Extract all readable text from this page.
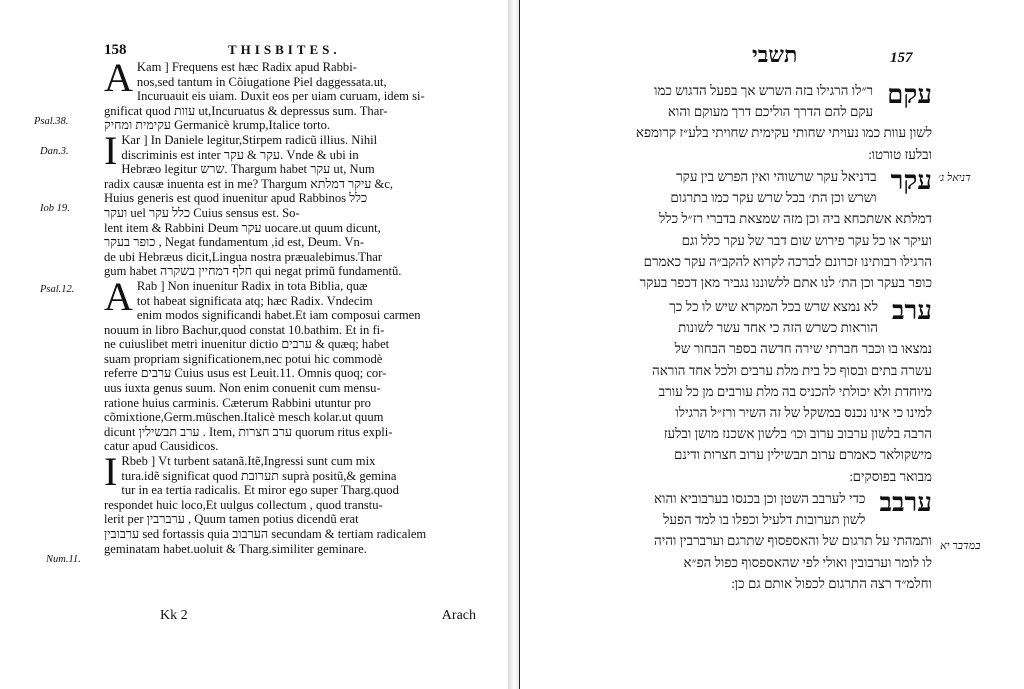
158	THISBITES.
Psal.38.
Dan.3.
Iob 19.
Psal.12.
Num.11.
A Kam ] Frequens est hæc Radix apud Rabbi-
nos,sed tantum in Cõiugatione Piel daggessata.ut,
Incuruauit eis uiam. Duxit eos per uiam curuam, idem si-
gnificat quod עוות ut,Incuruatus & depressus sum. Thar-
עקימית ומחיק Germanicè krump,Italice torto.
I Kar ] In Daniele legitur,Stirpem radicũ illius. Nihil
discriminis est inter עקר & עקר. Vnde & ubi in
Hebræo legitur שרש. Thargum habet עקר ut, Num
radix causæ inuenta est in me? Thargum עיקר דמלתא &c,
Huius generis est quod inuenitur apud Rabbinos כלל
ועקר uel כלל עקר Cuius sensus est. So-
lent item & Rabbini Deum עקר uocare.ut quum dicunt,
כופר בעקר , Negat fundamentum ,id est, Deum. Vn-
de ubi Hebræus dicit,Lingua nostra præualebimus.Thar
gum habet חלף דמחיין בשקרה qui negat primũ fundamentũ.
A Rab ] Non inuenitur Radix in tota Biblia, quæ
tot habeat significata atq; hæc Radix. Vndecim
enim modos significandi habet.Et iam composui carmen
nouum in libro Bachur,quod constat 10.bathim. Et in fi-
ne cuiuslibet metri inuenitur dictio ערבים & quæq; habet
suam propriam significationem,nec potui hic commodè
referre ערבים Cuius usus est Leuit.11. Omnis quoq; cor-
uus iuxta genus suum. Non enim conuenit cum mensu-
ratione huius carminis. Cæterum Rabbini utuntur pro
cõmixtione,Germ.müschen.Italicè mesch kolar.ut quum
dicunt ערב תבשילין . Item, ערב חצרות quorum ritus expli-
catur apud Causidicos.
I Rbeb ] Vt turbent satanã.Itẽ,Ingressi sunt cum mix
tura.idẽ significat quod תערובת suprà positũ,& gemina
tur in ea tertia radicalis. Et miror ego super Tharg.quod
respondet huic loco,Et uulgus collectum , quod transtu-
lerit per ערברבין , Quum tamen potius dicendũ erat
ערבובין sed fortassis quia הערבוב secundam & tertiam radicalem
geminatam habet.uoluit & Tharg.similiter geminare.
Kk 2	Arach
תשבי	157
עקם
ר״לו הרגילו בזה השרש אך בפעל הדגוש כמו
עקם להם הדרך הוליכם דרך מעוקם והוא
לשון עוות כמו נעויתי שחותי עקימית שחויתי בלע״ז קרומפא
ובלעז טורטו ׃
עקר
בדניאל עקר שרשוהי ואין הפרש בין עקר
ושרש וכן הת׳ בכל שרש עקר כמו בתרגום
דמלתא אשתכחא ביה וכן מזה שמצאת בדברי רז״ל כלל
ועיקר או כל עקר פירוש שום דבר של עקר כלל וגם
הרגילו רבותינו זכרונם לברכה לקרוא להקב״ה עקר כאמרם
כופר בעקר וכן הת׳ לנו אתם ללשוננו נגביר מאן דכפר בעקר
דניאל ג׳
ערב
לא נמצא שרש בכל המקרא שיש לו כל כך
הוראות כשרש הזה כי אחד עשר לשונות
נמצאו בו וכבר חברתי שירה חדשה בספר הבחור של
עשרה בתים ובסוף כל בית מלת ערבים ולכל אחד הוראה
מיוחדת ולא יכולתי להכניס בה מלת עורבים מן כל עורב
למינו כי אינו נכנס במשקל של זה השיר ורז״ל הרגילו
הרבה בלשון ערבוב ערוב וכו׳ בלשון אשכנז מושן ובלעז
מישקולאר כאמרם ערוב תבשילין ערוב חצרות ודינם
מבואר בפוסקים ׃
ערבב
כדי לערבב השטן וכן בכנסו בערבוביא והוא
לשון תערובות דלעיל וכפלו בו למד הפעל
ותמהתי על תרגום של והאספסוף שתרגם וערברבין והיה
לו לומר וערבובין ואולי לפי שהאספסוף כפול הפ״א
וחלמ״ד רצה התרגום לכפול אותם גם כן ׃
במדבר יא
